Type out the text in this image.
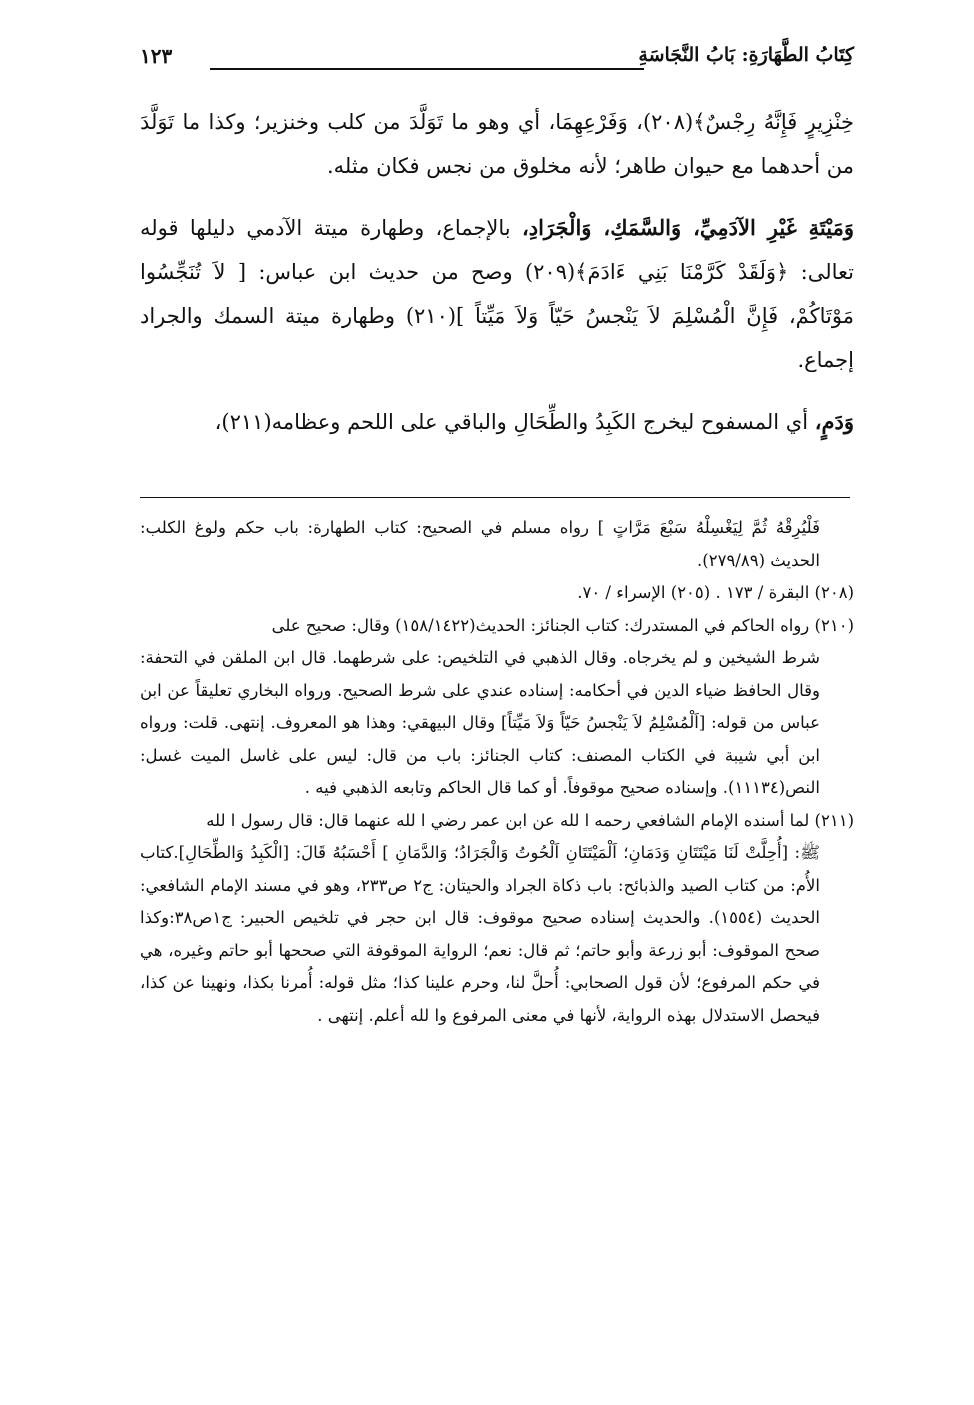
كِتَابُ الطَّهَارَةِ: بَابُ النَّجَاسَةِ
١٢٣

خِنْزِيرٍ فَإِنَّهُ رِجْسٌ﴾(٢٠٨)، وَفَرْعِهِمَا، أي وهو ما تَوَلَّدَ من كلب وخنزير؛ وكذا ما تَوَلَّدَ من أحدهما مع حيوان طاهر؛ لأنه مخلوق من نجس فكان مثله.

وَمَيْتَةِ غَيْرِ الآدَمِيِّ، وَالسَّمَكِ، وَالْجَرَادِ، بالإجماع، وطهارة ميتة الآدمي دليلها قوله تعالى: ﴿وَلَقَدْ كَرَّمْنَا بَنِي ءَادَمَ﴾(٢٠٩) وصح من حديث ابن عباس: [ لاَ تُنَجِّسُوا مَوْتَاكُمْ، فَإِنَّ الْمُسْلِمَ لاَ يَنْجسُ حَيّاً وَلاَ مَيِّتاً ](٢١٠) وطهارة ميتة السمك والجراد إجماع.

وَدَمٍ، أي المسفوح ليخرج الكَبِدُ والطِّحَالِ والباقي على اللحم وعظامه(٢١١)،

فَلْيُرِقْهُ ثُمَّ لِيَغْسِلْهُ سَبْعَ مَرَّاتٍ ] رواه مسلم في الصحيح: كتاب الطهارة: باب حكم ولوغ الكلب: الحديث (٢٧٩/٨٩).

(٢٠٨) البقرة / ١٧٣ . (٢٠٥) الإسراء / ٧٠.

(٢١٠) رواه الحاكم في المستدرك: كتاب الجنائز: الحديث(١٥٨/١٤٢٢) وقال: صحيح على

شرط الشيخين و لم يخرجاه. وقال الذهبي في التلخيص: على شرطهما. قال ابن الملقن في التحفة: وقال الحافظ ضياء الدين في أحكامه: إسناده عندي على شرط الصحيح. ورواه البخاري تعليقاً عن ابن عباس من قوله: [اَلْمُسْلِمُ لاَ يَنْجسُ حَيّاً وَلاَ مَيِّتاً] وقال البيهقي: وهذا هو المعروف. إنتهى. قلت: ورواه ابن أبي شيبة في الكتاب المصنف: كتاب الجنائز: باب من قال: ليس على غاسل الميت غسل: النص(١١١٣٤). وإسناده صحيح موقوفاً. أو كما قال الحاكم وتابعه الذهبي فيه .

(٢١١) لما أسنده الإمام الشافعي رحمه ا لله عن ابن عمر رضي ا لله عنهما قال: قال رسول ا لله

ﷺ: [أُحِلَّتْ لَنَا مَيْتَتَانِ وَدَمَانِ؛ اَلْمَيْتَتَانِ اَلْحُوتُ وَالْجَرَادُ؛ وَالدَّمَانِ ] أَحْسَبُهُ قَالَ: [الْكَبِدُ وَالطِّحَالِ].كتاب الأُم: من كتاب الصيد والذبائح: باب ذكاة الجراد والحيتان: ج٢ ص٢٣٣، وهو في مسند الإمام الشافعي: الحديث (١٥٥٤). والحديث إسناده صحيح موقوف: قال ابن حجر في تلخيص الحبير: ج١ص٣٨:وكذا صحح الموقوف: أبو زرعة وأبو حاتم؛ ثم قال: نعم؛ الرواية الموقوفة التي صححها أبو حاتم وغيره، هي في حكم المرفوع؛ لأن قول الصحابي: أُحلَّ لنا، وحرم علينا كذا؛ مثل قوله: أُمرنا بكذا، ونهينا عن كذا، فيحصل الاستدلال بهذه الرواية، لأنها في معنى المرفوع وا لله أعلم. إنتهى .
